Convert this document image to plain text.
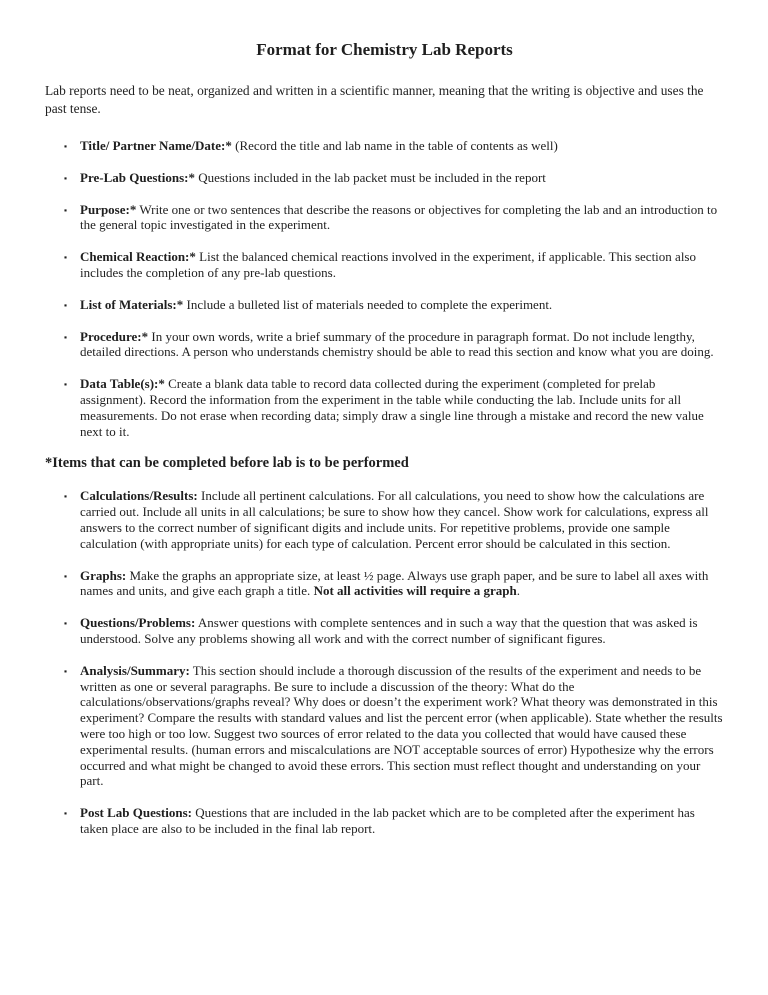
Format for Chemistry Lab Reports

Lab reports need to be neat, organized and written in a scientific manner, meaning that the writing is objective and uses the past tense.

▪ Title/ Partner Name/Date:* (Record the title and lab name in the table of contents as well)
▪ Pre-Lab Questions:* Questions included in the lab packet must be included in the report
▪ Purpose:* Write one or two sentences that describe the reasons or objectives for completing the lab and an introduction to the general topic investigated in the experiment.
▪ Chemical Reaction:* List the balanced chemical reactions involved in the experiment, if applicable. This section also includes the completion of any pre-lab questions.
▪ List of Materials:* Include a bulleted list of materials needed to complete the experiment.
▪ Procedure:* In your own words, write a brief summary of the procedure in paragraph format. Do not include lengthy, detailed directions. A person who understands chemistry should be able to read this section and know what you are doing.
▪ Data Table(s):* Create a blank data table to record data collected during the experiment (completed for prelab assignment). Record the information from the experiment in the table while conducting the lab. Include units for all measurements. Do not erase when recording data; simply draw a single line through a mistake and record the new value next to it.
*Items that can be completed before lab is to be performed
▪ Calculations/Results: Include all pertinent calculations. For all calculations, you need to show how the calculations are carried out. Include all units in all calculations; be sure to show how they cancel. Show work for calculations, express all answers to the correct number of significant digits and include units. For repetitive problems, provide one sample calculation (with appropriate units) for each type of calculation. Percent error should be calculated in this section.
▪ Graphs: Make the graphs an appropriate size, at least ½ page. Always use graph paper, and be sure to label all axes with names and units, and give each graph a title. Not all activities will require a graph.
▪ Questions/Problems: Answer questions with complete sentences and in such a way that the question that was asked is understood. Solve any problems showing all work and with the correct number of significant figures.
▪ Analysis/Summary: This section should include a thorough discussion of the results of the experiment and needs to be written as one or several paragraphs. Be sure to include a discussion of the theory: What do the calculations/observations/graphs reveal? Why does or doesn’t the experiment work? What theory was demonstrated in this experiment? Compare the results with standard values and list the percent error (when applicable). State whether the results were too high or too low. Suggest two sources of error related to the data you collected that would have caused these experimental results. (human errors and miscalculations are NOT acceptable sources of error) Hypothesize why the errors occurred and what might be changed to avoid these errors. This section must reflect thought and understanding on your part.
▪ Post Lab Questions: Questions that are included in the lab packet which are to be completed after the experiment has taken place are also to be included in the final lab report.
